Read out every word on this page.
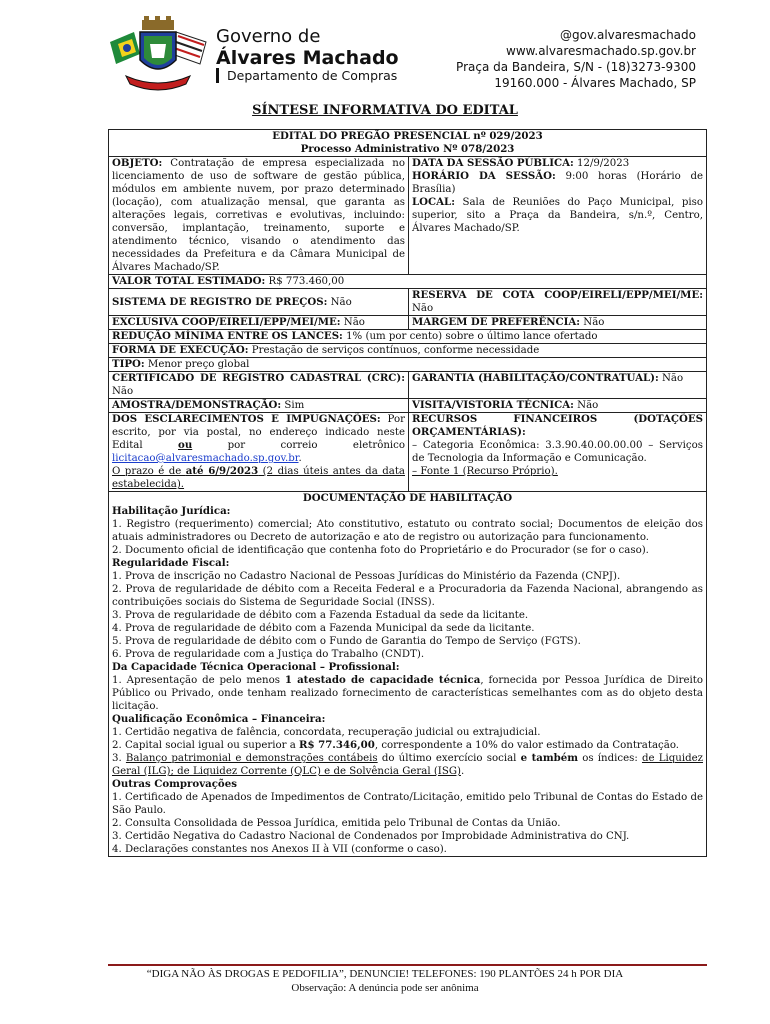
Governo de
Álvares Machado
Departamento de Compras
@gov.alvaresmachado
www.alvaresmachado.sp.gov.br
Praça da Bandeira, S/N - (18)3273-9300
19160.000 - Álvares Machado, SP
SÍNTESE INFORMATIVA DO EDITAL
EDITAL DO PREGÃO PRESENCIAL nº 029/2023
Processo Administrativo Nº 078/2023
OBJETO: Contratação de empresa especializada no licenciamento de uso de software de gestão pública, módulos em ambiente nuvem, por prazo determinado (locação), com atualização mensal, que garanta as alterações legais, corretivas e evolutivas, incluindo: conversão, implantação, treinamento, suporte e atendimento técnico, visando o atendimento das necessidades da Prefeitura e da Câmara Municipal de Álvares Machado/SP.
DATA DA SESSÃO PÚBLICA: 12/9/2023
HORÁRIO DA SESSÃO: 9:00 horas (Horário de Brasília)
LOCAL: Sala de Reuniões do Paço Municipal, piso superior, sito a Praça da Bandeira, s/n.º, Centro, Álvares Machado/SP.
VALOR TOTAL ESTIMADO: R$ 773.460,00
SISTEMA DE REGISTRO DE PREÇOS: Não
RESERVA DE COTA COOP/EIRELI/EPP/MEI/ME: Não
EXCLUSIVA COOP/EIRELI/EPP/MEI/ME: Não	MARGEM DE PREFERÊNCIA: Não
REDUÇÃO MÍNIMA ENTRE OS LANCES: 1% (um por cento) sobre o último lance ofertado
FORMA DE EXECUÇÃO: Prestação de serviços contínuos, conforme necessidade
TIPO: Menor preço global
CERTIFICADO DE REGISTRO CADASTRAL (CRC): Não
GARANTIA (HABILITAÇÃO/CONTRATUAL): Não
AMOSTRA/DEMONSTRAÇÃO: Sim	VISITA/VISTORIA TÉCNICA: Não
DOS ESCLARECIMENTOS E IMPUGNAÇÕES: Por escrito, por via postal, no endereço indicado neste Edital ou por correio eletrônico licitacao@alvaresmachado.sp.gov.br.
O prazo é de até 6/9/2023 (2 dias úteis antes da data estabelecida).
RECURSOS FINANCEIROS (DOTAÇÕES ORÇAMENTÁRIAS):
– Categoria Econômica: 3.3.90.40.00.00.00 – Serviços de Tecnologia da Informação e Comunicação.
– Fonte 1 (Recurso Próprio).

DOCUMENTAÇÃO DE HABILITAÇÃO

Habilitação Jurídica:

1. Registro (requerimento) comercial; Ato constitutivo, estatuto ou contrato social; Documentos de eleição dos atuais administradores ou Decreto de autorização e ato de registro ou autorização para funcionamento.

2. Documento oficial de identificação que contenha foto do Proprietário e do Procurador (se for o caso).

Regularidade Fiscal:

1. Prova de inscrição no Cadastro Nacional de Pessoas Jurídicas do Ministério da Fazenda (CNPJ).

2. Prova de regularidade de débito com a Receita Federal e a Procuradoria da Fazenda Nacional, abrangendo as contribuições sociais do Sistema de Seguridade Social (INSS).

3. Prova de regularidade de débito com a Fazenda Estadual da sede da licitante.

4. Prova de regularidade de débito com a Fazenda Municipal da sede da licitante.

5. Prova de regularidade de débito com o Fundo de Garantia do Tempo de Serviço (FGTS).

6. Prova de regularidade com a Justiça do Trabalho (CNDT).

Da Capacidade Técnica Operacional – Profissional:

1. Apresentação de pelo menos 1 atestado de capacidade técnica, fornecida por Pessoa Jurídica de Direito Público ou Privado, onde tenham realizado fornecimento de características semelhantes com as do objeto desta licitação.

Qualificação Econômica – Financeira:

1. Certidão negativa de falência, concordata, recuperação judicial ou extrajudicial.

2. Capital social igual ou superior a R$ 77.346,00, correspondente a 10% do valor estimado da Contratação.

3. Balanço patrimonial e demonstrações contábeis do último exercício social e também os índices: de Liquidez Geral (ILG); de Liquidez Corrente (QLC) e de Solvência Geral (ISG).

Outras Comprovações

1. Certificado de Apenados de Impedimentos de Contrato/Licitação, emitido pelo Tribunal de Contas do Estado de São Paulo.

2. Consulta Consolidada de Pessoa Jurídica, emitida pelo Tribunal de Contas da União.

3. Certidão Negativa do Cadastro Nacional de Condenados por Improbidade Administrativa do CNJ.

4. Declarações constantes nos Anexos II à VII (conforme o caso).

“DIGA NÃO ÀS DROGAS E PEDOFILIA”, DENUNCIE! TELEFONES: 190 PLANTÕES 24 h POR DIA
Observação: A denúncia pode ser anônima
